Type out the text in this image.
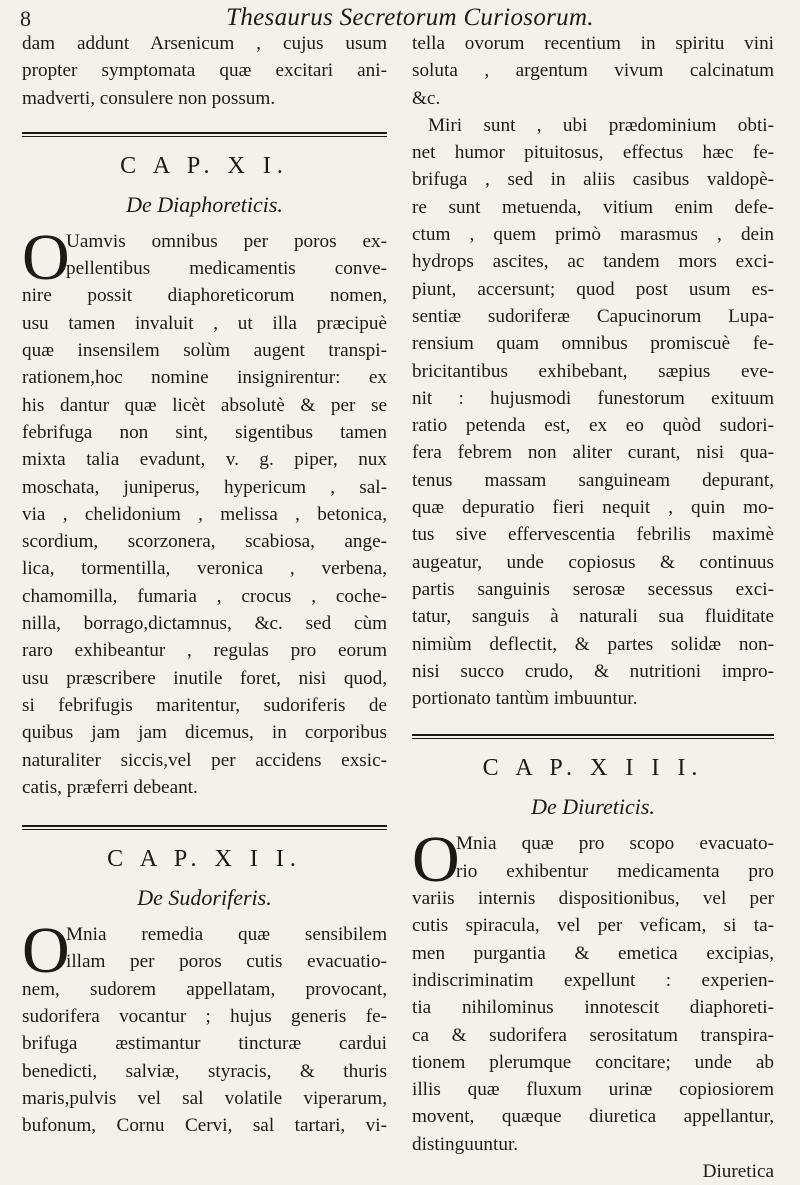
8	Thesaurus Secretorum Curiosorum.
dam addunt Arsenicum , cujus usum
propter symptomata quæ excitari ani-
madverti, consulere non possum.
C A P. X I.
De Diaphoreticis.
O
Uamvis omnibus per poros ex-
pellentibus medicamentis conve-
nire possit diaphoreticorum nomen,
usu tamen invaluit , ut illa præcipuè
quæ insensilem solùm augent transpi-
rationem,hoc nomine insignirentur: ex
his dantur quæ licèt absolutè & per se
febrifuga non sint, sigentibus tamen
mixta talia evadunt, v. g. piper, nux
moschata, juniperus, hypericum , sal-
via , chelidonium , melissa , betonica,
scordium, scorzonera, scabiosa, ange-
lica, tormentilla, veronica , verbena,
chamomilla, fumaria , crocus , coche-
nilla, borrago,dictamnus, &c. sed cùm
raro exhibeantur , regulas pro eorum
usu præscribere inutile foret, nisi quod,
si febrifugis maritentur, sudoriferis de
quibus jam jam dicemus, in corporibus
naturaliter siccis,vel per accidens exsic-
catis, præferri debeant.
C A P. X I I.
De Sudoriferis.
O
Mnia remedia quæ sensibilem
illam per poros cutis evacuatio-
nem, sudorem appellatam, provocant,
sudorifera vocantur ; hujus generis fe-
brifuga æstimantur tincturæ cardui
benedicti, salviæ, styracis, & thuris
maris,pulvis vel sal volatile viperarum,
bufonum, Cornu Cervi, sal tartari, vi-
tella ovorum recentium in spiritu vini
soluta , argentum vivum calcinatum
&c.
Miri sunt , ubi prædominium obti-
net humor pituitosus, effectus hæc fe-
brifuga , sed in aliis casibus valdopè-
re sunt metuenda, vitium enim defe-
ctum , quem primò marasmus , dein
hydrops ascites, ac tandem mors exci-
piunt, accersunt; quod post usum es-
sentiæ sudoriferæ Capucinorum Lupa-
rensium quam omnibus promiscuè fe-
bricitantibus exhibebant, sæpius eve-
nit : hujusmodi funestorum exituum
ratio petenda est, ex eo quòd sudori-
fera febrem non aliter curant, nisi qua-
tenus massam sanguineam depurant,
quæ depuratio fieri nequit , quin mo-
tus sive effervescentia febrilis maximè
augeatur, unde copiosus & continuus
partis sanguinis serosæ secessus exci-
tatur, sanguis à naturali sua fluiditate
nimiùm deflectit, & partes solidæ non-
nisi succo crudo, & nutritioni impro-
portionato tantùm imbuuntur.
C A P. X I I I.
De Diureticis.
O
Mnia quæ pro scopo evacuato-
rio exhibentur medicamenta pro
variis internis dispositionibus, vel per
cutis spiracula, vel per veficam, si ta-
men purgantia & emetica excipias,
indiscriminatim expellunt : experien-
tia nihilominus innotescit diaphoreti-
ca & sudorifera serositatum transpira-
tionem plerumque concitare; unde ab
illis quæ fluxum urinæ copiosiorem
movent, quæque diuretica appellantur,
distinguuntur.
Diuretica
